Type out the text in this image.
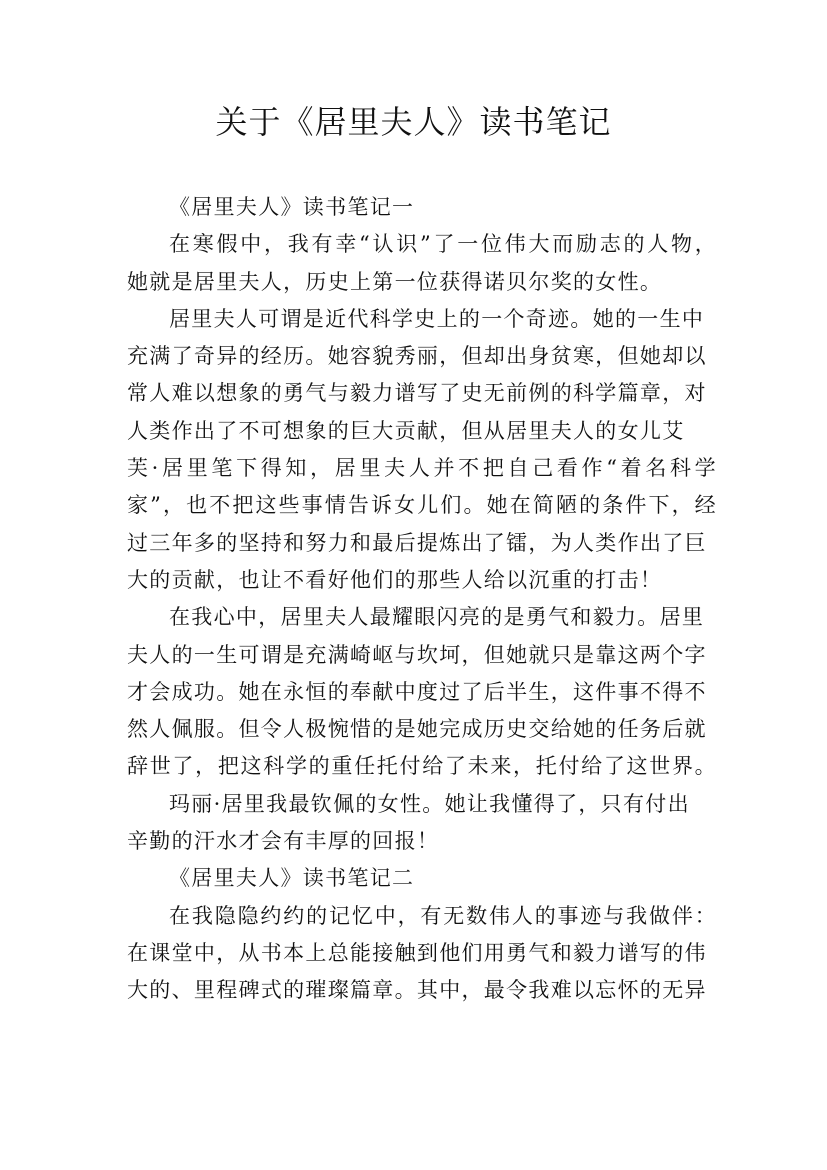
关于《居里夫人》读书笔记
《居里夫人》读书笔记一
在寒假中，我有幸“认识”了一位伟大而励志的人物，
她就是居里夫人，历史上第一位获得诺贝尔奖的女性。
居里夫人可谓是近代科学史上的一个奇迹。她的一生中
充满了奇异的经历。她容貌秀丽，但却出身贫寒，但她却以
常人难以想象的勇气与毅力谱写了史无前例的科学篇章，对
人类作出了不可想象的巨大贡献，但从居里夫人的女儿艾
芙·居里笔下得知，居里夫人并不把自己看作“着名科学
家”，也不把这些事情告诉女儿们。她在简陋的条件下，经
过三年多的坚持和努力和最后提炼出了镭，为人类作出了巨
大的贡献，也让不看好他们的那些人给以沉重的打击！
在我心中，居里夫人最耀眼闪亮的是勇气和毅力。居里
夫人的一生可谓是充满崎岖与坎坷，但她就只是靠这两个字
才会成功。她在永恒的奉献中度过了后半生，这件事不得不
然人佩服。但令人极惋惜的是她完成历史交给她的任务后就
辞世了，把这科学的重任托付给了未来，托付给了这世界。
玛丽·居里我最钦佩的女性。她让我懂得了，只有付出
辛勤的汗水才会有丰厚的回报！
《居里夫人》读书笔记二
在我隐隐约约的记忆中，有无数伟人的事迹与我做伴：
在课堂中，从书本上总能接触到他们用勇气和毅力谱写的伟
大的、里程碑式的璀璨篇章。其中，最令我难以忘怀的无异
